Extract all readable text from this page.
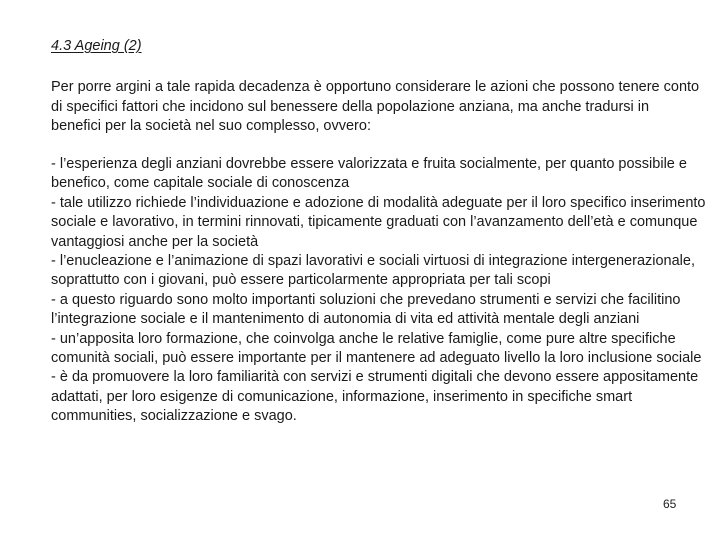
4.3 Ageing (2)

Per porre argini a tale rapida decadenza è opportuno considerare le azioni che possono tenere conto di specifici fattori che incidono sul benessere della popolazione anziana, ma anche tradursi in benefici per la società nel suo complesso, ovvero:

- l’esperienza degli anziani dovrebbe essere valorizzata e fruita socialmente, per quanto possibile e benefico, come capitale sociale di conoscenza

- tale utilizzo richiede l’individuazione e adozione di modalità adeguate per il loro specifico inserimento sociale e lavorativo, in termini rinnovati, tipicamente graduati con l’avanzamento dell’età e comunque vantaggiosi anche per la società

- l’enucleazione e l’animazione di spazi lavorativi e sociali virtuosi di integrazione intergenerazionale, soprattutto con i giovani, può essere particolarmente appropriata per tali scopi

- a questo riguardo sono molto importanti soluzioni che prevedano strumenti e servizi che facilitino l’integrazione sociale e il mantenimento di autonomia di vita ed attività mentale degli anziani

- un’apposita loro formazione, che coinvolga anche le relative famiglie, come pure altre specifiche comunità sociali, può essere importante per il mantenere ad adeguato livello la loro inclusione sociale

- è da promuovere la loro familiarità con servizi e strumenti digitali che devono essere appositamente adattati, per loro esigenze di comunicazione, informazione, inserimento in specifiche smart communities, socializzazione e svago.

65
